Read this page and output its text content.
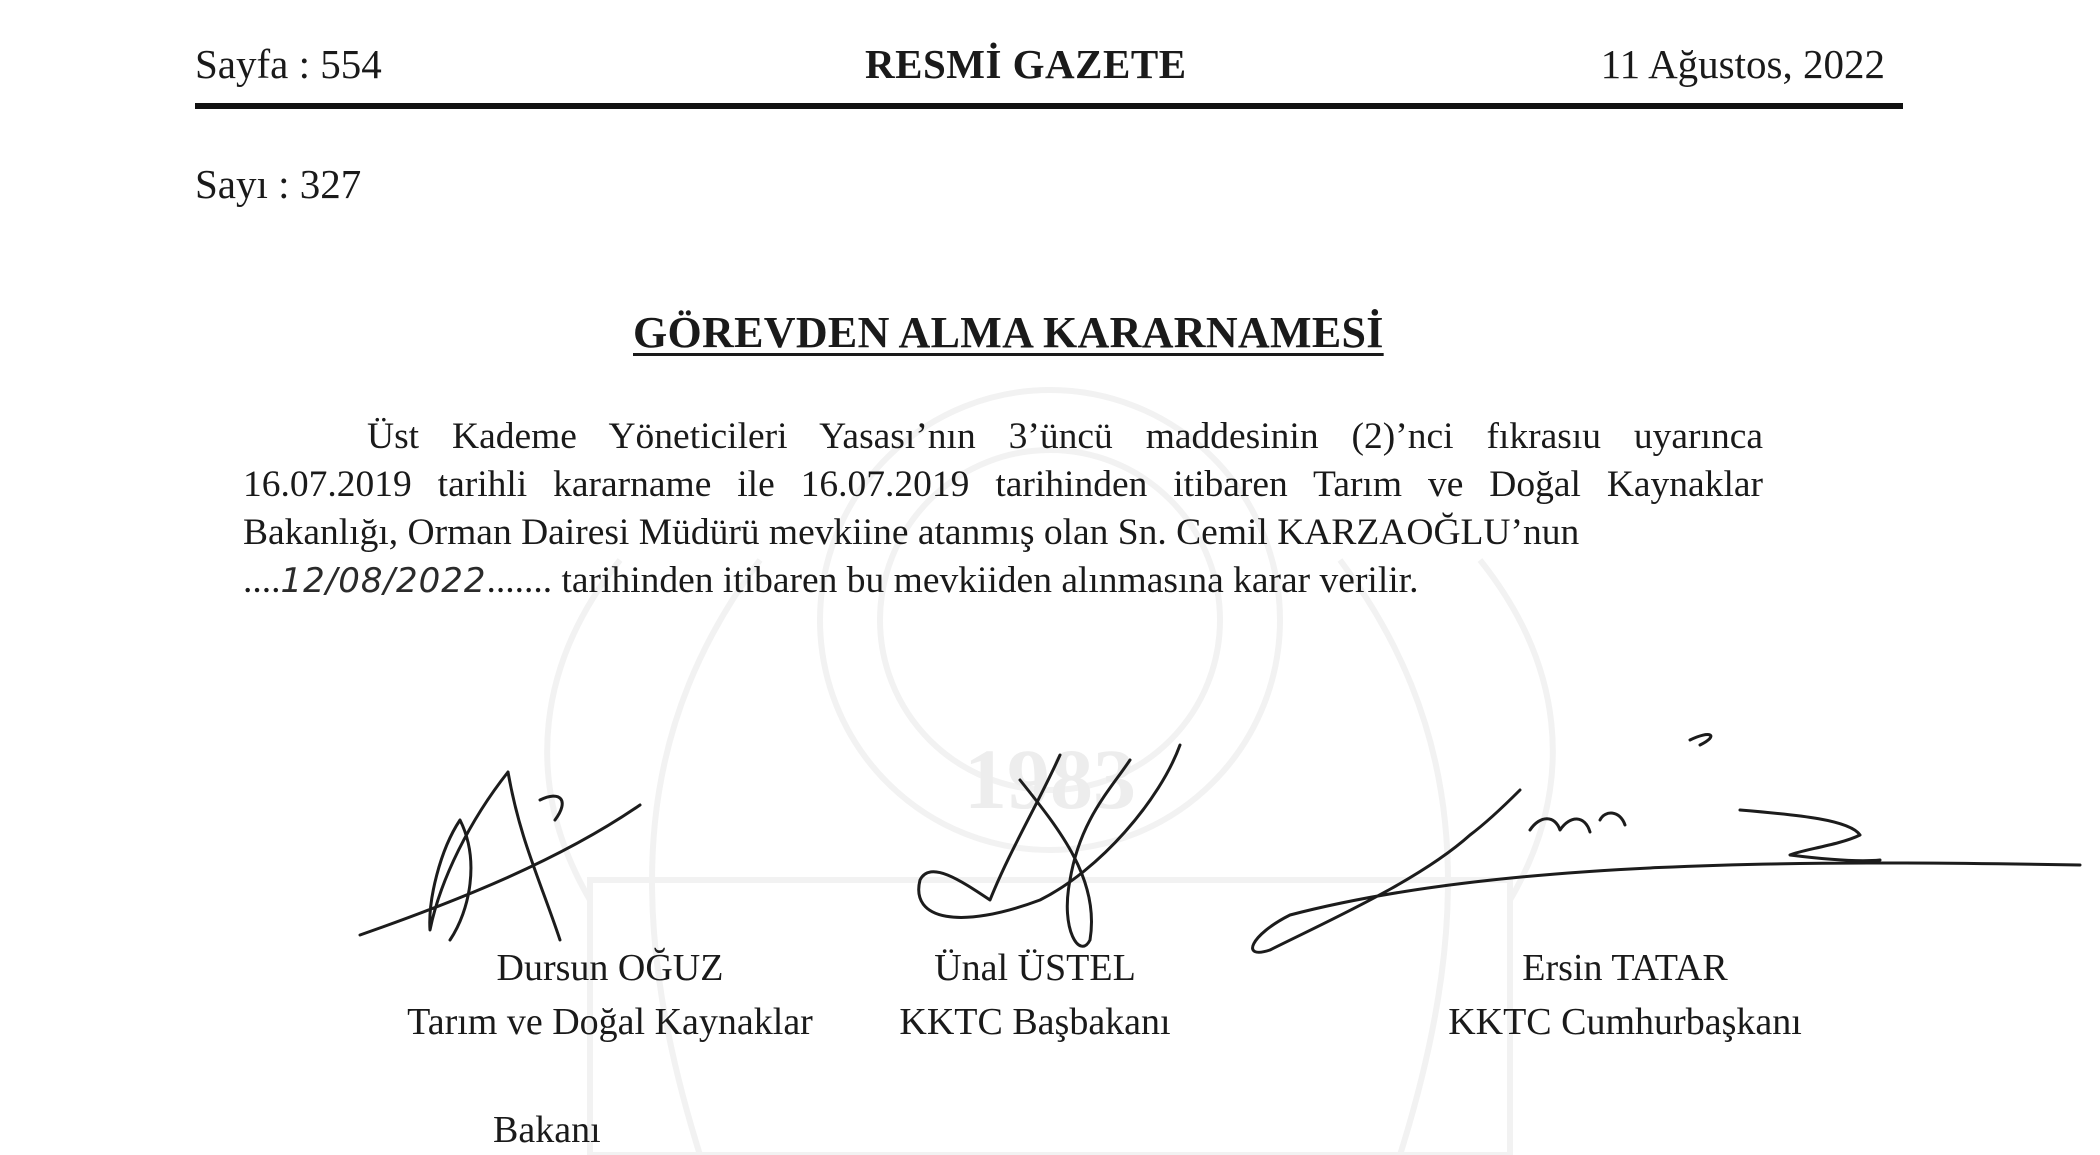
1983
Sayfa : 554	RESMİ GAZETE	11 Ağustos, 2022
Sayı : 327
GÖREVDEN ALMA KARARNAMESİ
Üst Kademe Yöneticileri Yasası’nın 3’üncü maddesinin (2)’nci fıkrasıu uyarınca
16.07.2019 tarihli kararname ile 16.07.2019 tarihinden itibaren Tarım ve Doğal Kaynaklar
Bakanlığı, Orman Dairesi Müdürü mevkiine atanmış olan Sn. Cemil KARZAOĞLU’nun
....12/08/2022....... tarihinden itibaren bu mevkiiden alınmasına karar verilir.
Dursun OĞUZ
Tarım ve Doğal Kaynaklar
Ünal ÜSTEL
KKTC Başbakanı
Ersin TATAR
KKTC Cumhurbaşkanı
Bakanı
